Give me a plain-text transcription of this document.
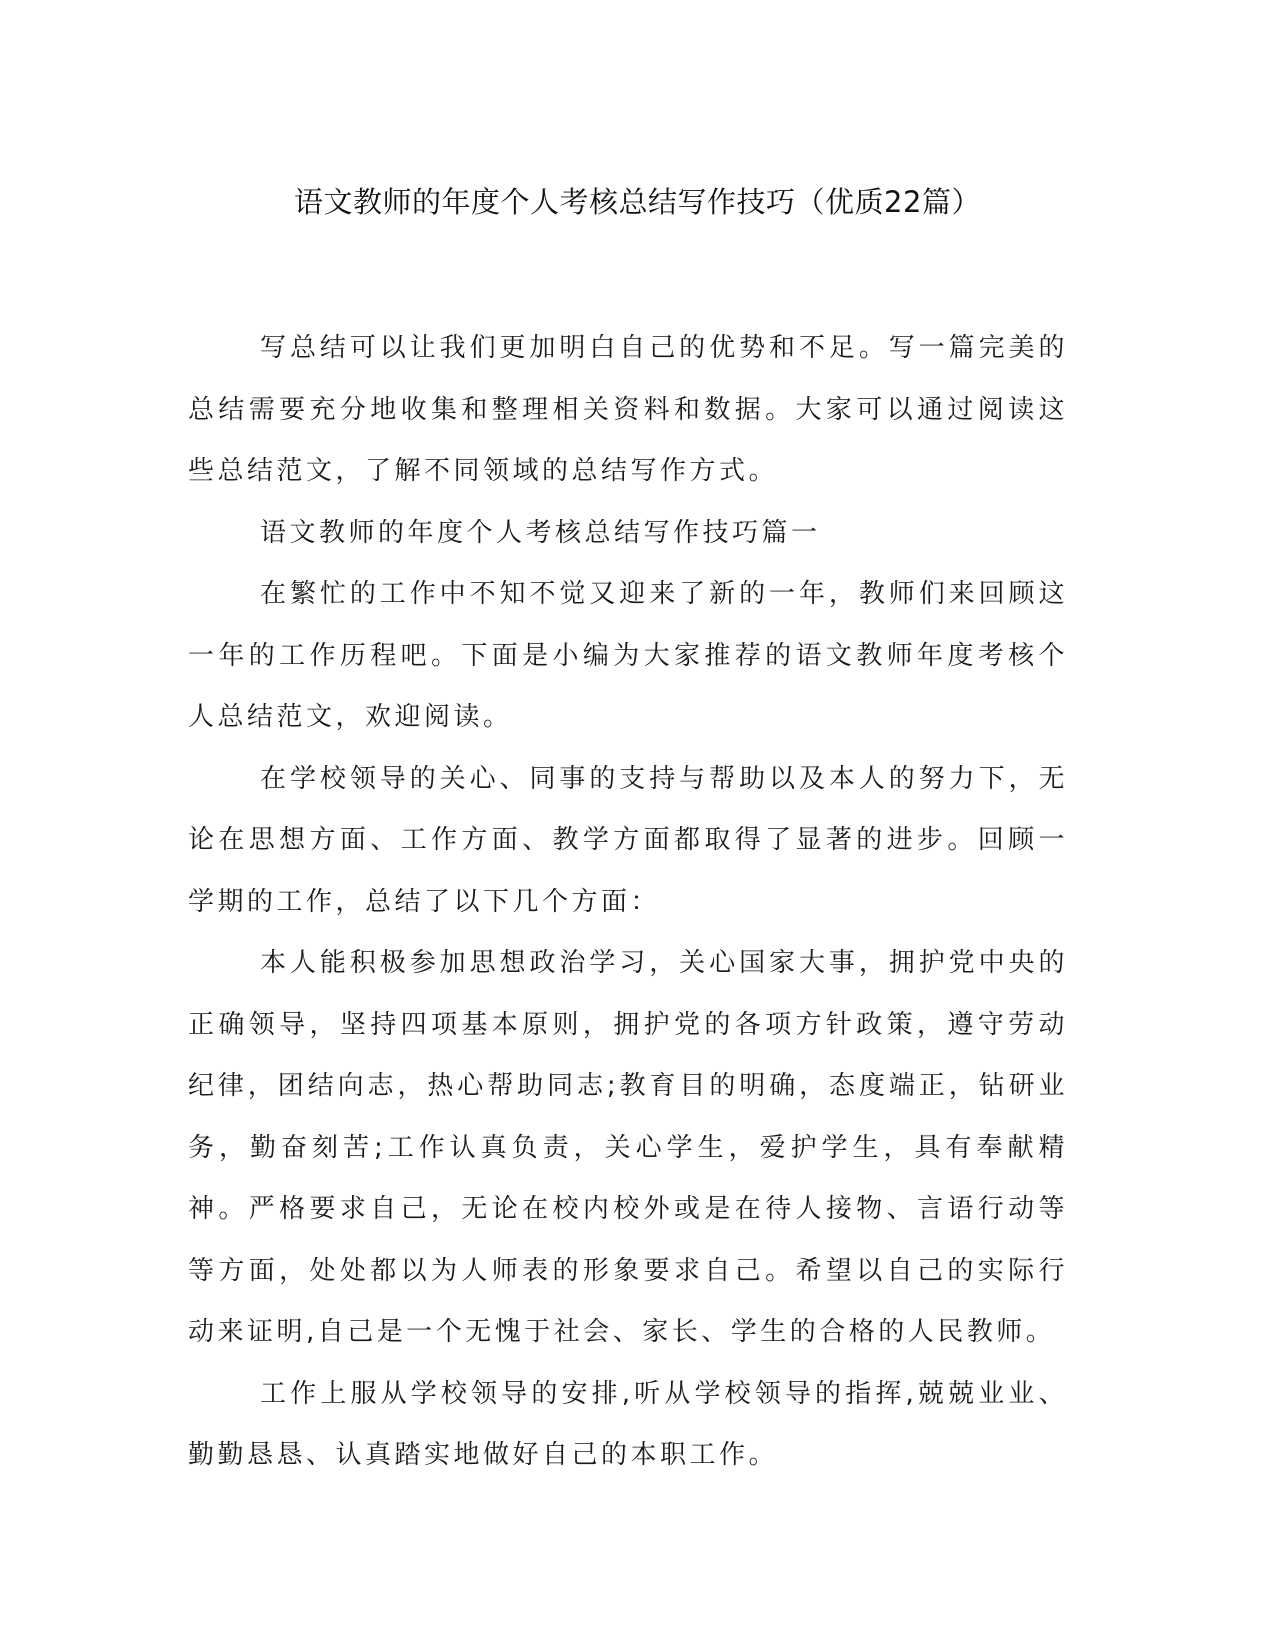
语文教师的年度个人考核总结写作技巧（优质22篇）

写总结可以让我们更加明白自己的优势和不足。写一篇完美的总结需要充分地收集和整理相关资料和数据。大家可以通过阅读这些总结范文，了解不同领域的总结写作方式。

语文教师的年度个人考核总结写作技巧篇一

在繁忙的工作中不知不觉又迎来了新的一年，教师们来回顾这一年的工作历程吧。下面是小编为大家推荐的语文教师年度考核个人总结范文，欢迎阅读。

在学校领导的关心、同事的支持与帮助以及本人的努力下，无论在思想方面、工作方面、教学方面都取得了显著的进步。回顾一学期的工作，总结了以下几个方面：

本人能积极参加思想政治学习，关心国家大事，拥护党中央的正确领导，坚持四项基本原则，拥护党的各项方针政策，遵守劳动纪律，团结向志，热心帮助同志;教育目的明确，态度端正，钻研业务，勤奋刻苦;工作认真负责，关心学生，爱护学生，具有奉献精神。严格要求自己，无论在校内校外或是在待人接物、言语行动等等方面，处处都以为人师表的形象要求自己。希望以自己的实际行动来证明,自己是一个无愧于社会、家长、学生的合格的人民教师。

工作上服从学校领导的安排,听从学校领导的指挥,兢兢业业、勤勤恳恳、认真踏实地做好自己的本职工作。
